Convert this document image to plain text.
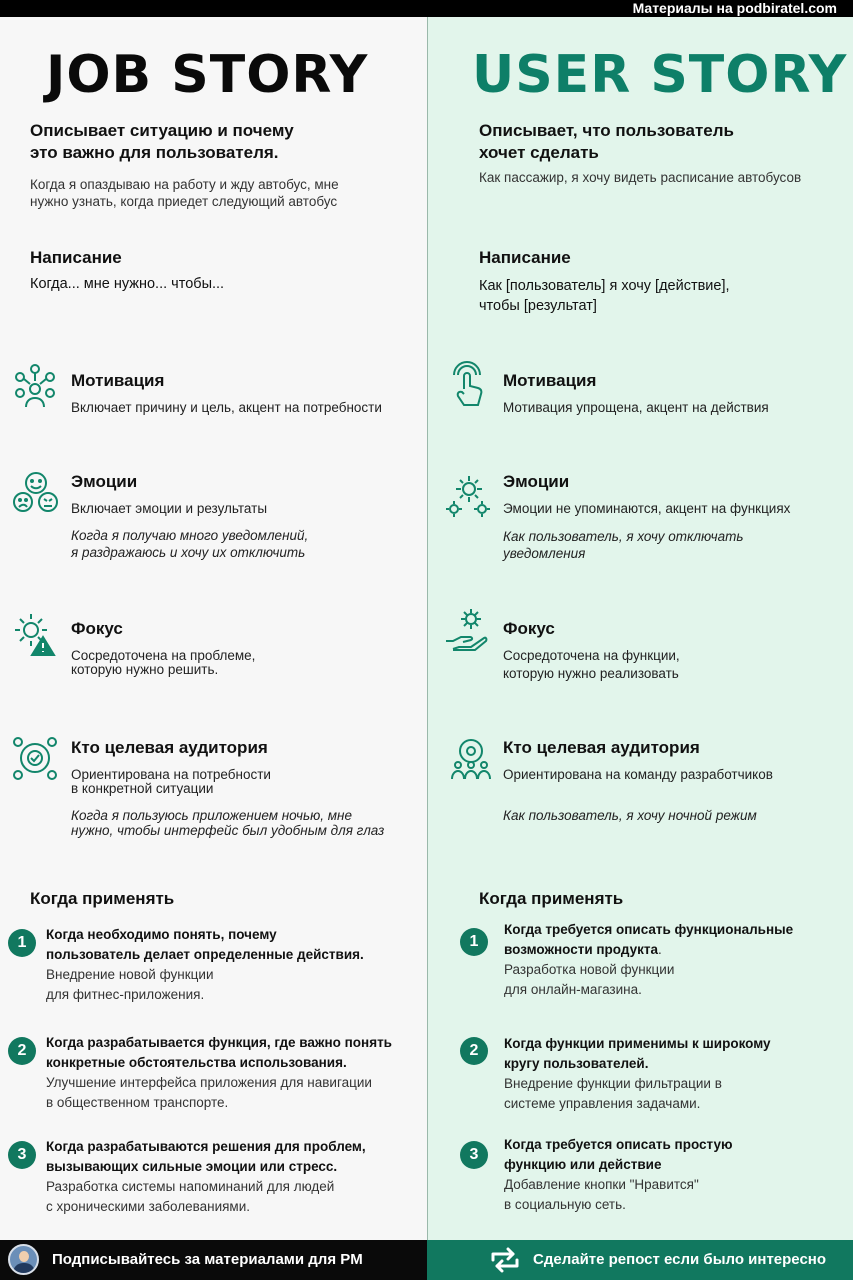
Материалы на podbiratel.com
JOB STORY
Описывает ситуацию и почему
это важно для пользователя.
Когда я опаздываю на работу и жду автобус, мне
нужно узнать, когда приедет следующий автобус
Написание
Когда... мне нужно... чтобы...
Мотивация
Включает причину и цель, акцент на потребности
Эмоции
Включает эмоции и результаты
Когда я получаю много уведомлений,
я раздражаюсь и хочу их отключить
Фокус
Сосредоточена на проблеме,
которую нужно решить.
Кто целевая аудитория
Ориентирована на потребности
в конкретной ситуации
Когда я пользуюсь приложением ночью, мне
нужно, чтобы интерфейс был удобным для глаз
Когда применять
1	Когда необходимо понять, почему
пользователь делает определенные действия.
Внедрение новой функции
для фитнес-приложения.
2	Когда разрабатывается функция, где важно понять
конкретные обстоятельства использования.
Улучшение интерфейса приложения для навигации
в общественном транспорте.
3	Когда разрабатываются решения для проблем,
вызывающих сильные эмоции или стресс.
Разработка системы напоминаний для людей
с хроническими заболеваниями.
USER STORY
Описывает, что пользователь
хочет сделать
Как пассажир, я хочу видеть расписание автобусов
Написание
Как [пользователь] я хочу [действие],
чтобы [результат]
Мотивация
Мотивация упрощена, акцент на действия
Эмоции
Эмоции не упоминаются, акцент на функциях
Как пользователь, я хочу отключать
уведомления
Фокус
Сосредоточена на функции,
которую нужно реализовать
Кто целевая аудитория
Ориентирована на команду разработчиков
Как пользователь, я хочу ночной режим
Когда применять
1
Когда требуется описать функциональные
возможности продукта.
Разработка новой функции
для онлайн-магазина.
2	Когда функции применимы к широкому
кругу пользователей.
Внедрение функции фильтрации в
системе управления задачами.
3
Когда требуется описать простую
функцию или действие
Добавление кнопки "Нравится"
в социальную сеть.
Подписывайтесь за материалами для PM	Сделайте репост если было интересно
